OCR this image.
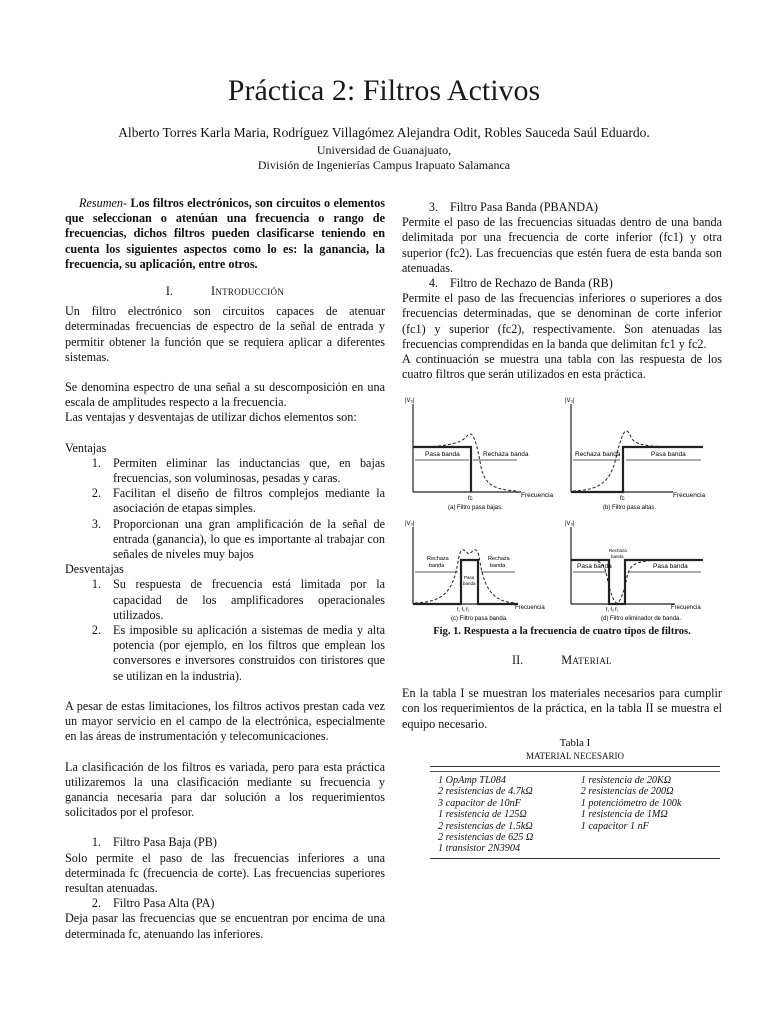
Práctica 2: Filtros Activos
Alberto Torres Karla Maria, Rodríguez Villagómez Alejandra Odit, Robles Sauceda Saúl Eduardo.
Universidad de Guanajuato,
División de Ingenierías Campus Irapuato Salamanca

Resumen- Los filtros electrónicos, son circuitos o elementos que seleccionan o atenúan una frecuencia o rango de frecuencias, dichos filtros pueden clasificarse teniendo en cuenta los siguientes aspectos como lo es: la ganancia, la frecuencia, su aplicación, entre otros.

I.	Introducción

Un filtro electrónico son circuitos capaces de atenuar determinadas frecuencias de espectro de la señal de entrada y permitir obtener la función que se requiera aplicar a diferentes sistemas.

Se denomina espectro de una señal a su descomposición en una escala de amplitudes respecto a la frecuencia.

Las ventajas y desventajas de utilizar dichos elementos son:

Ventajas

1. Permiten eliminar las inductancias que, en bajas frecuencias, son voluminosas, pesadas y caras.
2. Facilitan el diseño de filtros complejos mediante la asociación de etapas simples.
3. Proporcionan una gran amplificación de la señal de entrada (ganancia), lo que es importante al trabajar con señales de niveles muy bajos

Desventajas

1. Su respuesta de frecuencia está limitada por la capacidad de los amplificadores operacionales utilizados.
2. Es imposible su aplicación a sistemas de media y alta potencia (por ejemplo, en los filtros que emplean los conversores e inversores construidos con tiristores que se utilizan en la industria).

A pesar de estas limitaciones, los filtros activos prestan cada vez un mayor servicio en el campo de la electrónica, especialmente en las áreas de instrumentación y telecomunicaciones.

La clasificación de los filtros es variada, pero para esta práctica utilizaremos la una clasificación mediante su frecuencia y ganancia necesaria para dar solución a los requerimientos solicitados por el profesor.

1. Filtro Pasa Baja (PB)

Solo permite el paso de las frecuencias inferiores a una determinada fc (frecuencia de corte). Las frecuencias superiores resultan atenuadas.

2. Filtro Pasa Alta (PA)

Deja pasar las frecuencias que se encuentran por encima de una determinada fc, atenuando las inferiores.

3. Filtro Pasa Banda (PBANDA)

Permite el paso de las frecuencias situadas dentro de una banda delimitada por una frecuencia de corte inferior (fc1) y otra superior (fc2). Las frecuencias que estén fuera de esta banda son atenuadas.

4. Filtro de Rechazo de Banda (RB)

Permite el paso de las frecuencias inferiores o superiores a dos frecuencias determinadas, que se denominan de corte inferior (fc1) y superior (fc2), respectivamente. Son atenuadas las frecuencias comprendidas en la banda que delimitan fc1 y fc2.

A continuación se muestra una tabla con las respuesta de los cuatro filtros que serán utilizados en esta práctica.

|V₀|
Pasa banda	Rechaza banda
fc	Frecuencia
(a) Filtro pasa bajas.
|V₀|
Rechaza banda	Pasa banda
fc	Frecuencia
(b) Filtro pasa altas.
|V₀|
Rechaza
banda
Rechaza
banda
Pasa
banda
f₁ fₒ f₂	Frecuencia
(c) Filtro pasa banda.
|V₀|
Pasa banda	Pasa banda
Rechaza
banda
f₁ fₒ f₂	Frecuencia
(d) Filtro eliminador de banda.
Fig. 1. Respuesta a la frecuencia de cuatro tipos de filtros.

II.	Material

En la tabla I se muestran los materiales necesarios para cumplir con los requerimientos de la práctica, en la tabla II se muestra el equipo necesario.

Tabla I
MATERIAL NECESARIO
1 OpAmp TL084	1 resistencia de 20KΩ
2 resistencias de 4.7kΩ	2 resistencias de 200Ω
3 capacitor de 10nF	1 potenciómetro de 100k
1 resistencia de 125Ω	1 resistencia de 1MΩ
2 resistencias de 1.5kΩ	1 capacitor 1 nF
2 resistencias de 625 Ω	
1 transistor 2N3904	
